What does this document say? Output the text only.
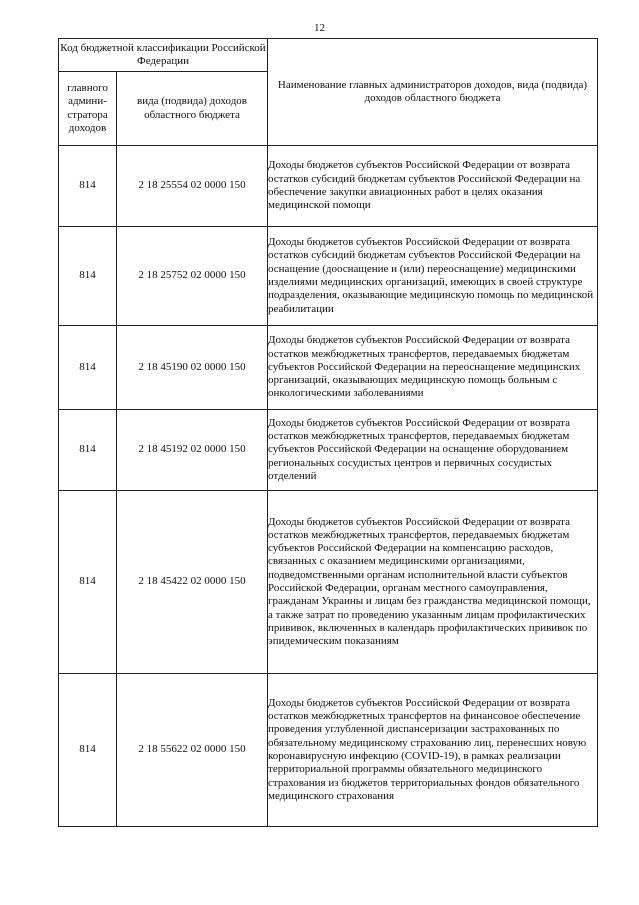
12
Код бюджетной классификации Российской Федерации		Наименование главных администраторов доходов, вида (подвида) доходов областного бюджета
главного админи-стратора доходов	вида (подвида) доходов областного бюджета	
814	2 18 25554 02 0000 150	Доходы бюджетов субъектов Российской Федерации от возврата остатков субсидий бюджетам субъектов Российской Федерации на обеспечение закупки авиационных работ в целях оказания медицинской помощи
814	2 18 25752 02 0000 150	Доходы бюджетов субъектов Российской Федерации от возврата остатков субсидий бюджетам субъектов Российской Федерации на оснащение (дооснащение и (или) переоснащение) медицинскими изделиями медицинских организаций, имеющих в своей структуре подразделения, оказывающие медицинскую помощь по медицинской реабилитации
814	2 18 45190 02 0000 150	Доходы бюджетов субъектов Российской Федерации от возврата остатков межбюджетных трансфертов, передаваемых бюджетам субъектов Российской Федерации на переоснащение медицинских организаций, оказывающих медицинскую помощь больным с онкологическими заболеваниями
814	2 18 45192 02 0000 150	Доходы бюджетов субъектов Российской Федерации от возврата остатков межбюджетных трансфертов, передаваемых бюджетам субъектов Российской Федерации на оснащение оборудованием региональных сосудистых центров и первичных сосудистых отделений
814	2 18 45422 02 0000 150	Доходы бюджетов субъектов Российской Федерации от возврата остатков межбюджетных трансфертов, передаваемых бюджетам субъектов Российской Федерации на компенсацию расходов, связанных с оказанием медицинскими организациями, подведомственными органам исполнительной власти субъектов Российской Федерации, органам местного самоуправления, гражданам Украины и лицам без гражданства медицинской помощи, а также затрат по проведению указанным лицам профилактических прививок, включенных в календарь профилактических прививок по эпидемическим показаниям
814	2 18 55622 02 0000 150	Доходы бюджетов субъектов Российской Федерации от возврата остатков межбюджетных трансфертов на финансовое обеспечение проведения углубленной диспансеризации застрахованных по обязательному медицинскому страхованию лиц, перенесших новую коронавирусную инфекцию (COVID-19), в рамках реализации территориальной программы обязательного медицинского страхования из бюджетов территориальных фондов обязательного медицинского страхования
